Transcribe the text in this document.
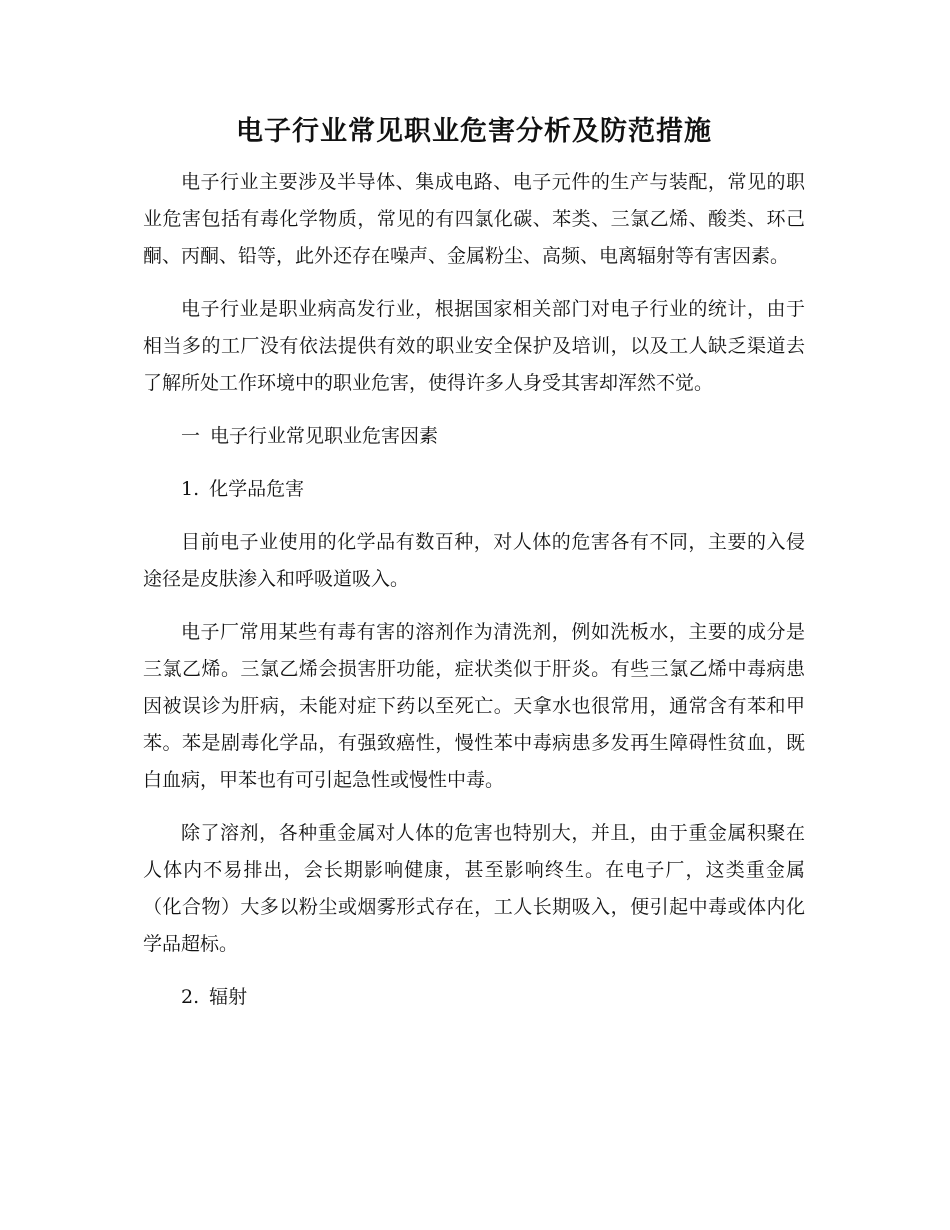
电子行业常见职业危害分析及防范措施

电子行业主要涉及半导体、集成电路、电子元件的生产与装配，常见的职业危害包括有毒化学物质，常见的有四氯化碳、苯类、三氯乙烯、酸类、环己酮、丙酮、铅等，此外还存在噪声、金属粉尘、高频、电离辐射等有害因素。

电子行业是职业病高发行业，根据国家相关部门对电子行业的统计，由于相当多的工厂没有依法提供有效的职业安全保护及培训，以及工人缺乏渠道去了解所处工作环境中的职业危害，使得许多人身受其害却浑然不觉。

一 电子行业常见职业危害因素
1. 化学品危害

目前电子业使用的化学品有数百种，对人体的危害各有不同，主要的入侵途径是皮肤渗入和呼吸道吸入。

电子厂常用某些有毒有害的溶剂作为清洗剂，例如洗板水，主要的成分是三氯乙烯。三氯乙烯会损害肝功能，症状类似于肝炎。有些三氯乙烯中毒病患因被误诊为肝病，未能对症下药以至死亡。天拿水也很常用，通常含有苯和甲苯。苯是剧毒化学品，有强致癌性，慢性苯中毒病患多发再生障碍性贫血，既白血病，甲苯也有可引起急性或慢性中毒。

除了溶剂，各种重金属对人体的危害也特别大，并且，由于重金属积聚在人体内不易排出，会长期影响健康，甚至影响终生。在电子厂，这类重金属（化合物）大多以粉尘或烟雾形式存在，工人长期吸入，便引起中毒或体内化学品超标。

2. 辐射
